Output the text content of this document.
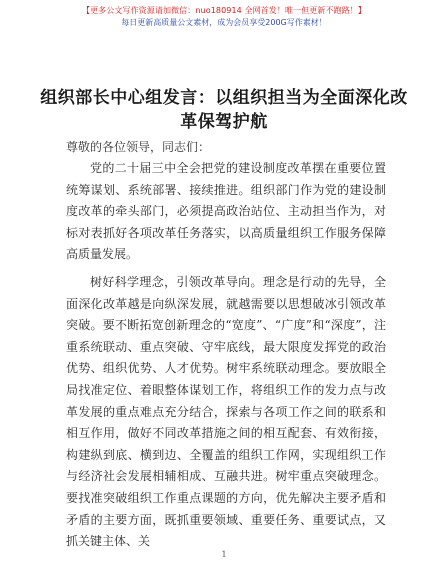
【更多公文写作资源请加微信：nuo180914 全网首发！唯一但更新不跑路！】
每日更新高质量公文素材，成为会员享受200G写作素材！
组织部长中心组发言：以组织担当为全面深化改革保驾护航
尊敬的各位领导，同志们：

党的二十届三中全会把党的建设制度改革摆在重要位置统筹谋划、系统部署、接续推进。组织部门作为党的建设制度改革的牵头部门，必须提高政治站位、主动担当作为，对标对表抓好各项改革任务落实，以高质量组织工作服务保障高质量发展。

树好科学理念，引领改革导向。理念是行动的先导，全面深化改革越是向纵深发展，就越需要以思想破冰引领改革突破。要不断拓宽创新理念的“宽度”、“广度”和“深度”，注重系统联动、重点突破、守牢底线，最大限度发挥党的政治优势、组织优势、人才优势。树牢系统联动理念。要放眼全局找准定位、着眼整体谋划工作，将组织工作的发力点与改革发展的重点难点充分结合，探索与各项工作之间的联系和相互作用，做好不同改革措施之间的相互配套、有效衔接，构建纵到底、横到边、全覆盖的组织工作网，实现组织工作与经济社会发展相辅相成、互融共进。树牢重点突破理念。要找准突破组织工作重点课题的方向，优先解决主要矛盾和矛盾的主要方面，既抓重要领域、重要任务、重要试点，又抓关键主体、关

1
